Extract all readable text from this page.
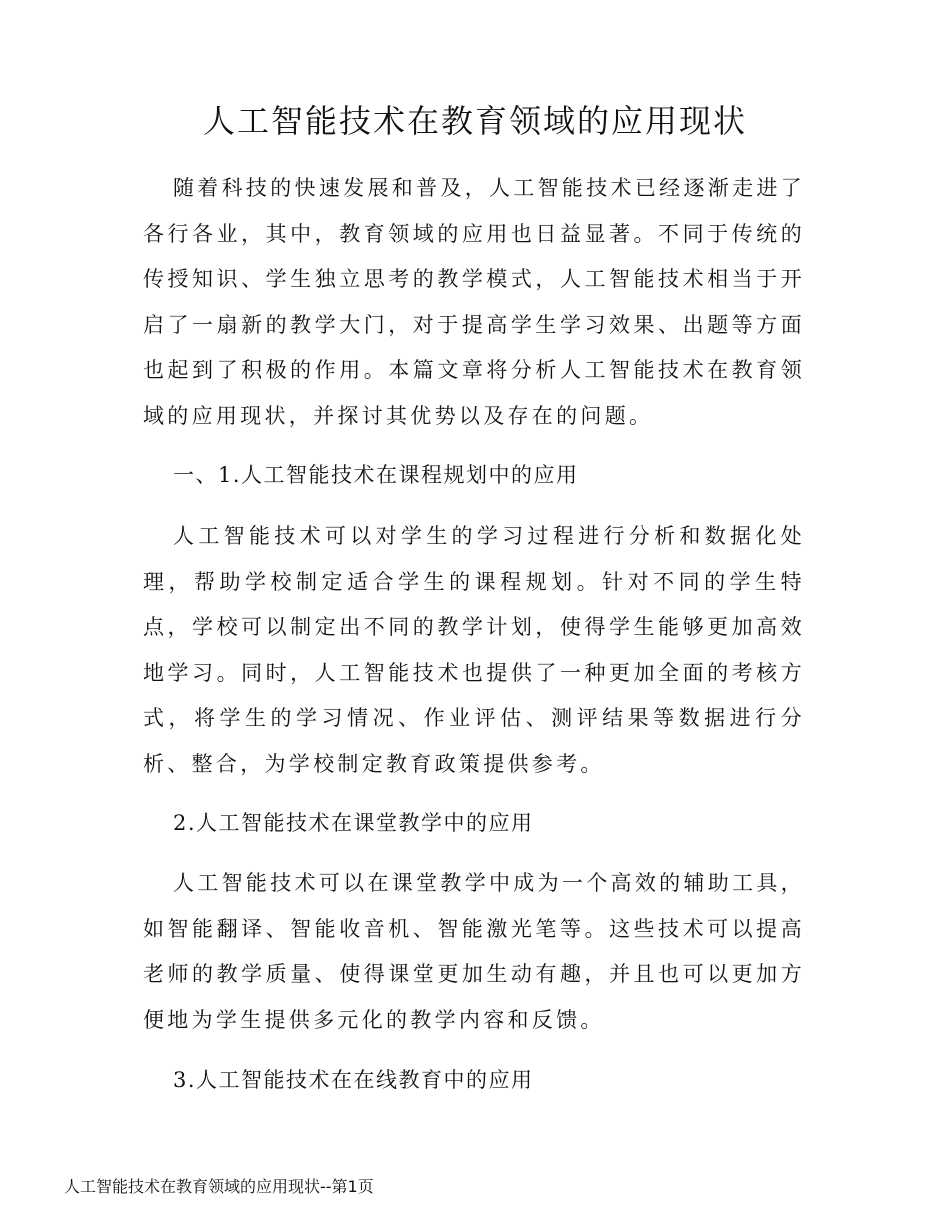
人工智能技术在教育领域的应用现状

随着科技的快速发展和普及，人工智能技术已经逐渐走进了各行各业，其中，教育领域的应用也日益显著。不同于传统的传授知识、学生独立思考的教学模式，人工智能技术相当于开启了一扇新的教学大门，对于提高学生学习效果、出题等方面也起到了积极的作用。本篇文章将分析人工智能技术在教育领域的应用现状，并探讨其优势以及存在的问题。

一、1.人工智能技术在课程规划中的应用

人工智能技术可以对学生的学习过程进行分析和数据化处理，帮助学校制定适合学生的课程规划。针对不同的学生特点，学校可以制定出不同的教学计划，使得学生能够更加高效地学习。同时，人工智能技术也提供了一种更加全面的考核方式，将学生的学习情况、作业评估、测评结果等数据进行分析、整合，为学校制定教育政策提供参考。

2.人工智能技术在课堂教学中的应用

人工智能技术可以在课堂教学中成为一个高效的辅助工具，如智能翻译、智能收音机、智能激光笔等。这些技术可以提高老师的教学质量、使得课堂更加生动有趣，并且也可以更加方便地为学生提供多元化的教学内容和反馈。

3.人工智能技术在在线教育中的应用

人工智能技术在教育领域的应用现状--第1页
